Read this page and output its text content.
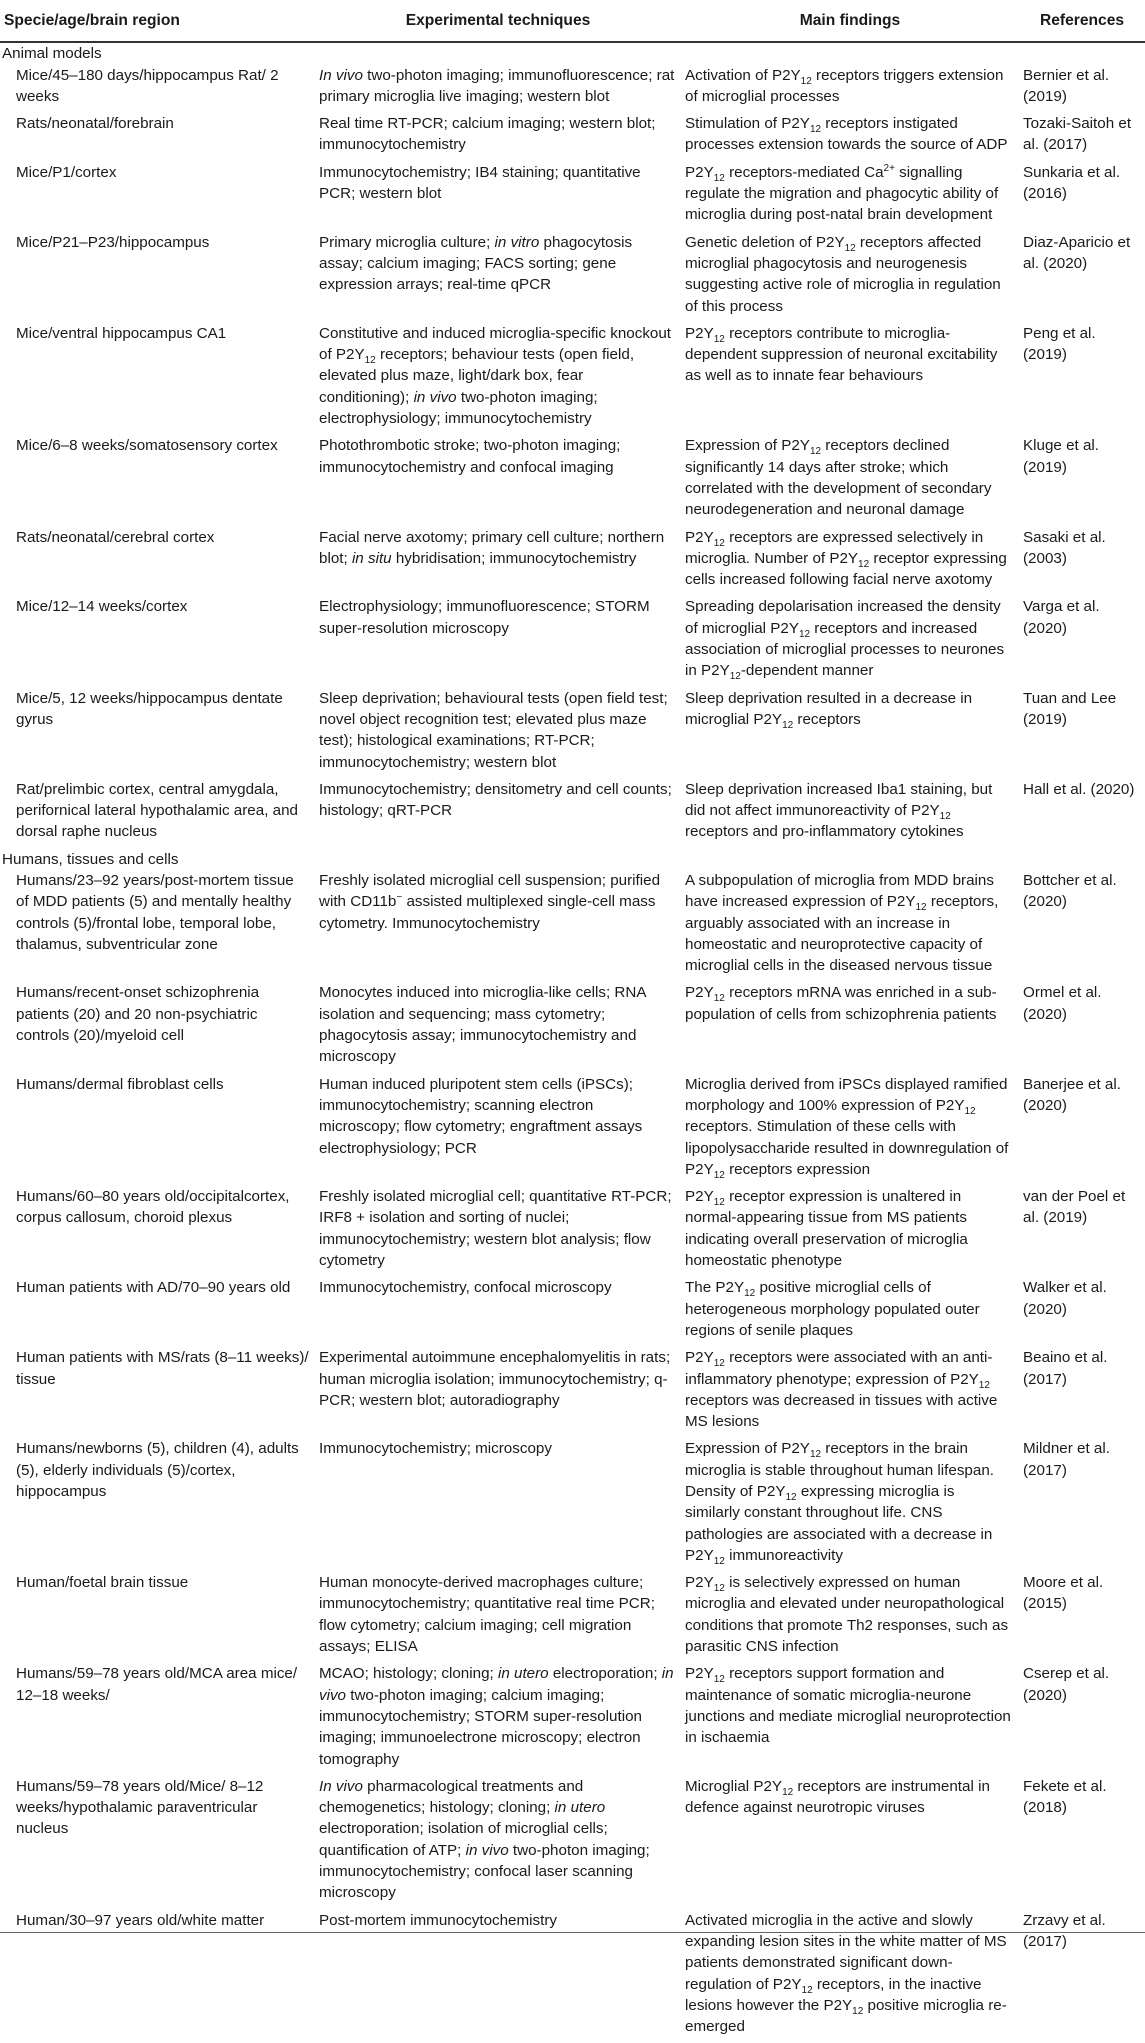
Specie/age/brain region	Experimental techniques	Main findings	References
Animal models			
Mice/45–180 days/hippocampus Rat/ 2 weeks	In vivo two-photon imaging; immunofluorescence; rat primary microglia live imaging; western blot	Activation of $P2Y_{12}$ receptors triggers extension of microglial processes	Bernier et al. (2019)
Rats/neonatal/forebrain	Real time RT-PCR; calcium imaging; western blot; immunocytochemistry	Stimulation of $P2Y_{12}$ receptors instigated processes extension towards the source of ADP	Tozaki-Saitoh et al. (2017)
Mice/P1/cortex	Immunocytochemistry; IB4 staining; quantitative PCR; western blot	$P2Y_{12}$ receptors-mediated $Ca^{2+}$ signalling regulate the migration and phagocytic ability of microglia during post-natal brain development	Sunkaria et al. (2016)
Mice/P21–P23/hippocampus	Primary microglia culture; in vitro phagocytosis assay; calcium imaging; FACS sorting; gene expression arrays; real-time qPCR	Genetic deletion of $P2Y_{12}$ receptors affected microglial phagocytosis and neurogenesis suggesting active role of microglia in regulation of this process	Diaz-Aparicio et al. (2020)
Mice/ventral hippocampus CA1	Constitutive and induced microglia-specific knockout of $P2Y_{12}$ receptors; behaviour tests (open field, elevated plus maze, light/dark box, fear conditioning); in vivo two-photon imaging; electrophysiology; immunocytochemistry	$P2Y_{12}$ receptors contribute to microglia-dependent suppression of neuronal excitability as well as to innate fear behaviours	Peng et al. (2019)
Mice/6–8 weeks/somatosensory cortex	Photothrombotic stroke; two-photon imaging; immunocytochemistry and confocal imaging	Expression of $P2Y_{12}$ receptors declined significantly 14 days after stroke; which correlated with the development of secondary neurodegeneration and neuronal damage	Kluge et al. (2019)
Rats/neonatal/cerebral cortex	Facial nerve axotomy; primary cell culture; northern blot; in situ hybridisation; immunocytochemistry	$P2Y_{12}$ receptors are expressed selectively in microglia. Number of $P2Y_{12}$ receptor expressing cells increased following facial nerve axotomy	Sasaki et al. (2003)
Mice/12–14 weeks/cortex	Electrophysiology; immunofluorescence; STORM super-resolution microscopy	Spreading depolarisation increased the density of microglial $P2Y_{12}$ receptors and increased association of microglial processes to neurones in $P2Y_{12}$-dependent manner	Varga et al. (2020)
Mice/5, 12 weeks/hippocampus dentate gyrus	Sleep deprivation; behavioural tests (open field test; novel object recognition test; elevated plus maze test); histological examinations; RT-PCR; immunocytochemistry; western blot	Sleep deprivation resulted in a decrease in microglial $P2Y_{12}$ receptors	Tuan and Lee (2019)
Rat/prelimbic cortex, central amygdala, perifornical lateral hypothalamic area, and dorsal raphe nucleus	Immunocytochemistry; densitometry and cell counts; histology; qRT-PCR	Sleep deprivation increased Iba1 staining, but did not affect immunoreactivity of $P2Y_{12}$ receptors and pro-inflammatory cytokines	Hall et al. (2020)
Humans, tissues and cells			
Humans/23–92 years/post-mortem tissue of MDD patients (5) and mentally healthy controls (5)/frontal lobe, temporal lobe, thalamus, subventricular zone	Freshly isolated microglial cell suspension; purified with CD11b− assisted multiplexed single-cell mass cytometry. Immunocytochemistry	A subpopulation of microglia from MDD brains have increased expression of $P2Y_{12}$ receptors, arguably associated with an increase in homeostatic and neuroprotective capacity of microglial cells in the diseased nervous tissue	Bottcher et al. (2020)
Humans/recent-onset schizophrenia patients (20) and 20 non-psychiatric controls (20)/myeloid cell	Monocytes induced into microglia-like cells; RNA isolation and sequencing; mass cytometry; phagocytosis assay; immunocytochemistry and microscopy	$P2Y_{12}$ receptors mRNA was enriched in a sub-population of cells from schizophrenia patients	Ormel et al. (2020)
Humans/dermal fibroblast cells	Human induced pluripotent stem cells (iPSCs); immunocytochemistry; scanning electron microscopy; flow cytometry; engraftment assays electrophysiology; PCR	Microglia derived from iPSCs displayed ramified morphology and 100% expression of $P2Y_{12}$ receptors. Stimulation of these cells with lipopolysaccharide resulted in downregulation of $P2Y_{12}$ receptors expression	Banerjee et al. (2020)
Humans/60–80 years old/occipitalcortex, corpus callosum, choroid plexus	Freshly isolated microglial cell; quantitative RT-PCR; IRF8 + isolation and sorting of nuclei; immunocytochemistry; western blot analysis; flow cytometry	$P2Y_{12}$ receptor expression is unaltered in normal-appearing tissue from MS patients indicating overall preservation of microglia homeostatic phenotype	van der Poel et al. (2019)
Human patients with AD/70–90 years old	Immunocytochemistry, confocal microscopy	The $P2Y_{12}$ positive microglial cells of heterogeneous morphology populated outer regions of senile plaques	Walker et al. (2020)
Human patients with MS/rats (8–11 weeks)/ tissue	Experimental autoimmune encephalomyelitis in rats; human microglia isolation; immunocytochemistry; q-PCR; western blot; autoradiography	$P2Y_{12}$ receptors were associated with an anti-inflammatory phenotype; expression of $P2Y_{12}$ receptors was decreased in tissues with active MS lesions	Beaino et al. (2017)
Humans/newborns (5), children (4), adults (5), elderly individuals (5)/cortex, hippocampus	Immunocytochemistry; microscopy	Expression of $P2Y_{12}$ receptors in the brain microglia is stable throughout human lifespan. Density of $P2Y_{12}$ expressing microglia is similarly constant throughout life. CNS pathologies are associated with a decrease in $P2Y_{12}$ immunoreactivity	Mildner et al. (2017)
Human/foetal brain tissue	Human monocyte-derived macrophages culture; immunocytochemistry; quantitative real time PCR; flow cytometry; calcium imaging; cell migration assays; ELISA	$P2Y_{12}$ is selectively expressed on human microglia and elevated under neuropathological conditions that promote Th2 responses, such as parasitic CNS infection	Moore et al. (2015)
Humans/59–78 years old/MCA area mice/ 12–18 weeks/	MCAO; histology; cloning; in utero electroporation; in vivo two-photon imaging; calcium imaging; immunocytochemistry; STORM super-resolution imaging; immunoelectrone microscopy; electron tomography	$P2Y_{12}$ receptors support formation and maintenance of somatic microglia-neurone junctions and mediate microglial neuroprotection in ischaemia	Cserep et al. (2020)
Humans/59–78 years old/Mice/ 8–12 weeks/hypothalamic paraventricular nucleus	In vivo pharmacological treatments and chemogenetics; histology; cloning; in utero electroporation; isolation of microglial cells; quantification of ATP; in vivo two-photon imaging; immunocytochemistry; confocal laser scanning microscopy	Microglial $P2Y_{12}$ receptors are instrumental in defence against neurotropic viruses	Fekete et al. (2018)
Human/30–97 years old/white matter	Post-mortem immunocytochemistry	Activated microglia in the active and slowly expanding lesion sites in the white matter of MS patients demonstrated significant down-regulation of $P2Y_{12}$ receptors, in the inactive lesions however the $P2Y_{12}$ positive microglia re-emerged	Zrzavy et al. (2017)
